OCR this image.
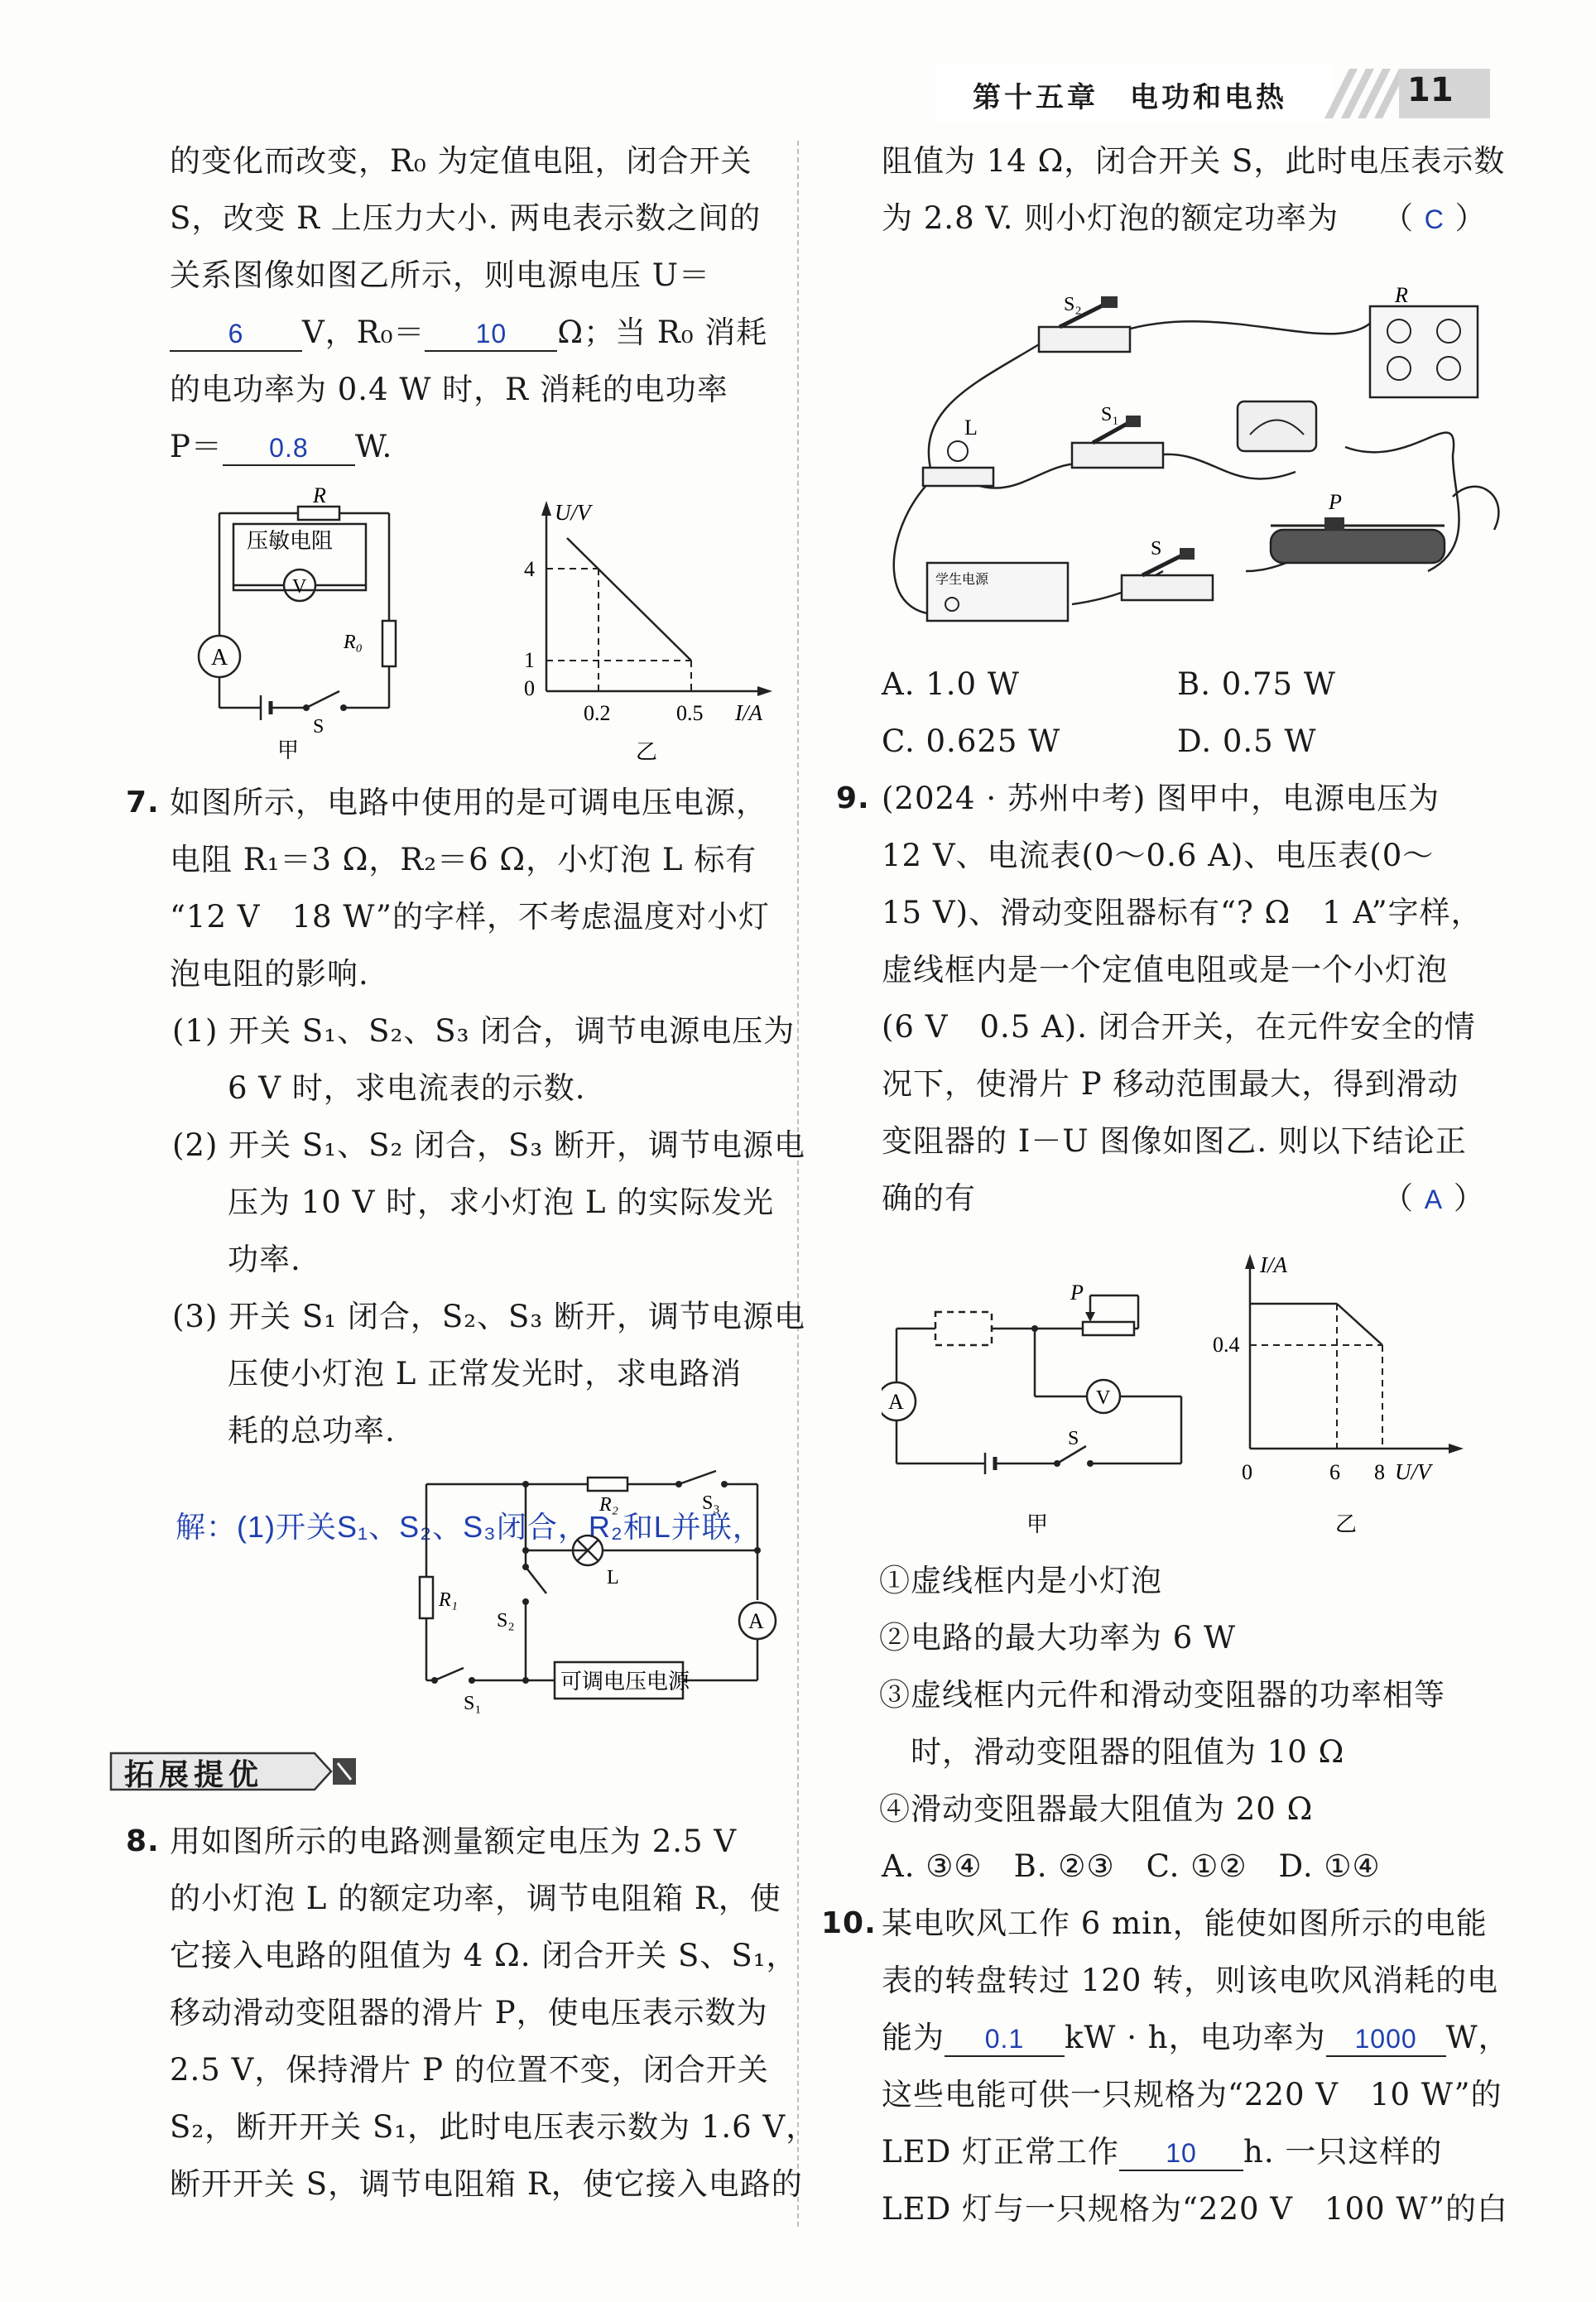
第十五章　电功和电热	11
的变化而改变，R₀ 为定值电阻，闭合开关
S，改变 R 上压力大小. 两电表示数之间的
关系图像如图乙所示，则电源电压 U＝
6 V，R₀＝ 10 Ω；当 R₀ 消耗
的电功率为 0.4 W 时，R 消耗的电功率
P＝ 0.8 W.
R
压敏电阻
V
A
R₀
S
甲
U/V
I/A
4
1
0
0.2	0.5
乙
7. 如图所示，电路中使用的是可调电压电源，
电阻 R₁＝3 Ω，R₂＝6 Ω，小灯泡 L 标有
“12 V　18 W”的字样，不考虑温度对小灯
泡电阻的影响.
(1) 开关 S₁、S₂、S₃ 闭合，调节电源电压为
6 V 时，求电流表的示数.
(2) 开关 S₁、S₂ 闭合，S₃ 断开，调节电源电
压为 10 V 时，求小灯泡 L 的实际发光
功率.
(3) 开关 S₁ 闭合，S₂、S₃ 断开，调节电源电
压使小灯泡 L 正常发光时，求电路消
耗的总功率.
解：(1)开关S₁、S₂、S₃闭合，R₂和L并联，
R₂	S₃
R₁
L
S₂
S₁
A
可调电压电源
拓展提优
8. 用如图所示的电路测量额定电压为 2.5 V
的小灯泡 L 的额定功率，调节电阻箱 R，使
它接入电路的阻值为 4 Ω. 闭合开关 S、S₁，
移动滑动变阻器的滑片 P，使电压表示数为
2.5 V，保持滑片 P 的位置不变，闭合开关
S₂，断开开关 S₁，此时电压表示数为 1.6 V，
断开开关 S，调节电阻箱 R，使它接入电路的
阻值为 14 Ω，闭合开关 S，此时电压表示数
为 2.8 V. 则小灯泡的额定功率为 （ C ）
S₂	R
S₁
L
P
S
学生电源
A. 1.0 W	B. 0.75 W
C. 0.625 W	D. 0.5 W
9. (2024 · 苏州中考) 图甲中，电源电压为
12 V、电流表(0～0.6 A)、电压表(0～
15 V)、滑动变阻器标有“? Ω　1 A”字样，
虚线框内是一个定值电阻或是一个小灯泡
(6 V　0.5 A). 闭合开关，在元件安全的情
况下，使滑片 P 移动范围最大，得到滑动
变阻器的 I－U 图像如图乙. 则以下结论正
确的有	（ A ）
P
V
A
S
甲
I/A
0.4
0	6 8 U/V
乙
①虚线框内是小灯泡
②电路的最大功率为 6 W
③虚线框内元件和滑动变阻器的功率相等
　时，滑动变阻器的阻值为 10 Ω
④滑动变阻器最大阻值为 20 Ω
A. ③④　B. ②③　C. ①②　D. ①④
10. 某电吹风工作 6 min，能使如图所示的电能
表的转盘转过 120 转，则该电吹风消耗的电
能为 0.1 kW · h，电功率为 1000 W，
这些电能可供一只规格为“220 V　10 W”的
LED 灯正常工作 10 h. 一只这样的
LED 灯与一只规格为“220 V　100 W”的白
